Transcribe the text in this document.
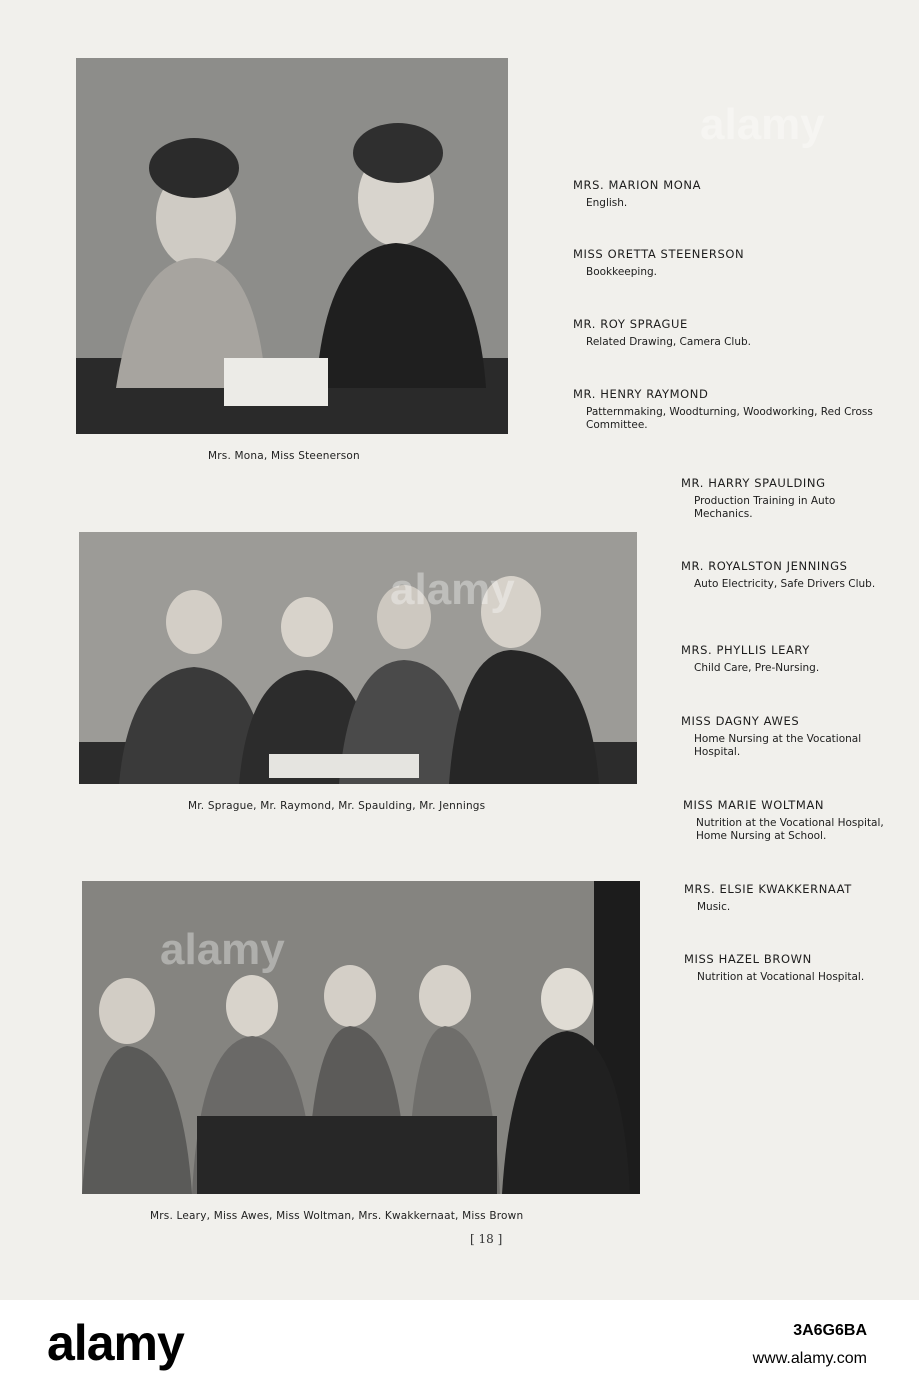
Mrs. Mona, Miss Steenerson
Mr. Sprague, Mr. Raymond, Mr. Spaulding, Mr. Jennings
Mrs. Leary, Miss Awes, Miss Woltman, Mrs. Kwakkernaat, Miss Brown
MRS. MARION MONA
English.
MISS ORETTA STEENERSON
Bookkeeping.
MR. ROY SPRAGUE
Related Drawing, Camera Club.
MR. HENRY RAYMOND
Patternmaking, Woodturning, Woodworking, Red Cross Committee.
MR. HARRY SPAULDING
Production Training in Auto Mechanics.
MR. ROYALSTON JENNINGS
Auto Electricity, Safe Drivers Club.
MRS. PHYLLIS LEARY
Child Care, Pre-Nursing.
MISS DAGNY AWES
Home Nursing at the Vocational Hospital.
MISS MARIE WOLTMAN
Nutrition at the Vocational Hospital, Home Nursing at School.
MRS. ELSIE KWAKKERNAAT
Music.
MISS HAZEL BROWN
Nutrition at Vocational Hospital.
[ 18 ]
alamy
alamy
alamy
alamy	3A6G6BA
www.alamy.com
